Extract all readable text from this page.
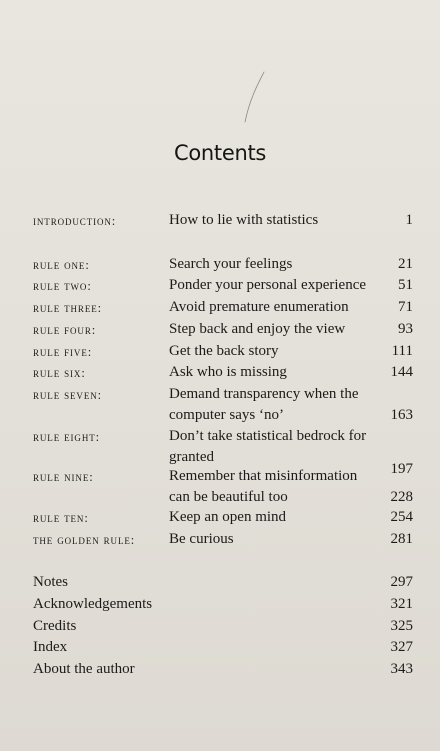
Contents
introduction:	How to lie with statistics	1
rule one:	Search your feelings	21
rule two:	Ponder your personal experience	51
rule three:	Avoid premature enumeration	71
rule four:	Step back and enjoy the view	93
rule five:	Get the back story	111
rule six:	Ask who is missing	144
rule seven:	Demand transparency when the
computer says ‘no’	163
rule eight:	Don’t take statistical bedrock for
granted
197
rule nine:	Remember that misinformation
can be beautiful too	228
rule ten:	Keep an open mind	254
the golden rule: Be curious	281
Notes	297
Acknowledgements	321
Credits	325
Index	327
About the author	343
